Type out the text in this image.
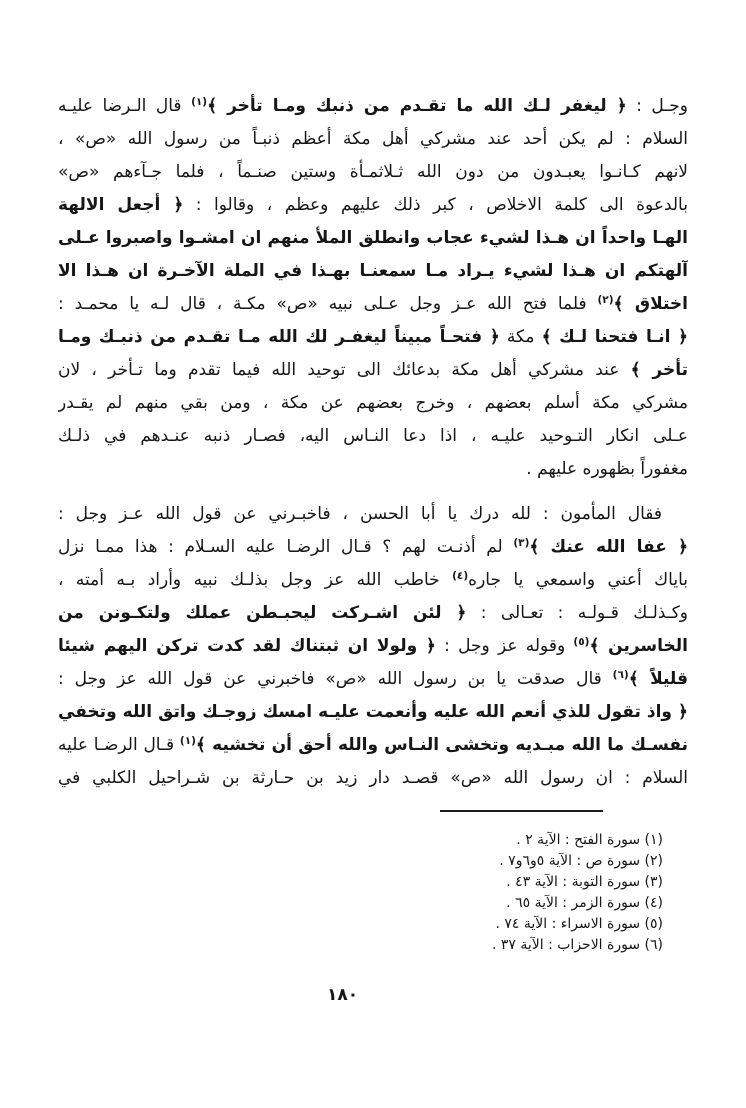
وجـل : ﴿ ليغفر لـك الله ما تقـدم من ذنبك ومـا تأخر ﴾$^{(١)}$ قال الـرضا عليـه
السلام : لم يكن أحد عند مشركي أهل مكة أعظم ذنبـاً من رسول الله «ص» ،
لانهم كـانـوا يعبـدون من دون الله ثـلاثمـأة وستين صنـماً ، فلما جـآءهم «ص»
بالدعوة الى كلمة الاخلاص ، كبر ذلك عليهم وعظم ، وقالوا : ﴿ أجعل الالهة
الهـا واحداً ان هـذا لشيء عجاب وانطلق الملأ منهم ان امشـوا واصبروا عـلى
آلهتكم ان هـذا لشيء يـراد مـا سمعنـا بهـذا في الملة الآخـرة ان هـذا الا
اختلاق ﴾$^{(٢)}$ فلما فتح الله عـز وجل عـلى نبيه «ص» مكـة ، قال لـه يا محمـد :
﴿ انـا فتحنا لـك ﴾ مكة ﴿ فتحـاً مبيناً ليغفـر لك الله مـا تقـدم من ذنبـك ومـا
تأخر ﴾ عند مشركي أهل مكة بدعائك الى توحيد الله فيما تقدم وما تـأخر ، لان
مشركي مكة أسلم بعضهم ، وخرج بعضهم عن مكة ، ومن بقي منهم لم يقـدر
عـلى انكار التـوحيد عليـه ، اذا دعا النـاس اليه، فصـار ذنبه عنـدهم في ذلـك
مغفوراً بظهوره عليهم .
فقال المأمون : لله درك يا أبا الحسن ، فاخبـرني عن قول الله عـز وجل :
﴿ عفا الله عنك ﴾$^{(٣)}$ لم أذنـت لهم ؟ قـال الرضـا عليه السـلام : هذا ممـا نزل
باياك أعني واسمعي يا جاره$^{(٤)}$ خاطب الله عز وجل بذلـك نبيه وأراد بـه أمته ،
وكـذلـك قـولـه : تعـالى : ﴿ لئن اشـركت ليحبـطن عملك ولتكـونن من
الخاسرين ﴾$^{(٥)}$ وقوله عز وجل : ﴿ ولولا ان ثبتناك لقد كدت تركن اليهم شيئا
قليلاً ﴾$^{(٦)}$ قال صدقت يا بن رسول الله «ص» فاخبرني عن قول الله عز وجل :
﴿ واذ تقول للذي أنعم الله عليه وأنعمت عليـه امسك زوجـك واتق الله وتخفي
نفسـك ما الله مبـديه وتخشى النـاس والله أحق أن تخشيه ﴾$^{(١)}$ قـال الرضـا عليه
السلام : ان رسول الله «ص» قصـد دار زيد بن حـارثة بن شـراحيل الكلبي في
(١) سورة الفتح : الآية ٢ .
(٢) سورة ص : الآية ٥و٦و٧ .
(٣) سورة التوبة : الآية ٤٣ .
(٤) سورة الزمر : الآية ٦٥ .
(٥) سورة الاسراء : الآية ٧٤ .
(٦) سورة الاحزاب : الآية ٣٧ .
١٨٠
